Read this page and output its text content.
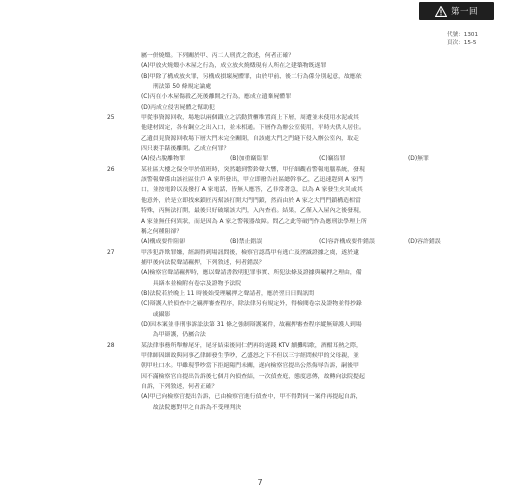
第一回
代號：1301
頁次：15-5

屬一併燒燬。下列關於甲、丙二人刑責之敘述，何者正確？

(A)甲放火燒燬小木屋之行為，成立放火燒燬現有人所在之建築物既遂罪

(B)甲除了構成放火罪，另構成損壞屍體罪，由於甲前、後二行為係分別起意，故應依

　　刑法第 50 條規定論處

(C)丙在小木屋傷殺乙死後離開之行為，應成立遺棄屍體罪

(D)丙成立侵害屍體之幫助犯

25	甲從事資源回收，場地以兩個鐵立之活動貨櫃堆置商上下層，周遭並未使用水泥或其

他建材固定，各有鋼立之出入口，並未相通。下層作為辦公室使用，平時夫供人居住。

乙遺員見資源回收場下層大門未完全關閉，自該處大門之門縫下侵入辦公室內，取走

四只裹手錶後離開。乙成立何罪？

(A)侵占脫離物罪	(B)加重竊盜罪	(C)竊盜罪	(D)無罪
26	某社區大樓之保全甲於值班時，突然聽到警鈴聲大響，甲仔細觀看警報電腦系統，發現

該警報聲係由該社區住戶 A 家所發出，甲立即撥告社區總幹事乙，乙迅速趕到 A 家門

口，並按電鈴以及撥打 A 家電話，皆無人應答，乙非常著急，以為 A 家發生火災或其

他意外，於是立即找來鎖匠丙幫該打開大門門鎖，然而由於 A 家之大門門鎖構造相當

特殊，丙無法打開，最後只好破壞該大門，入內查看。結果，乙僅入入屋內之後發現，

A 家並無任何異狀，而是因為 A 家之警報器故障。問乙之此等破門作為應刑法學理上所

稱之何種阻卻？

(A)構成要件阻卻	(B)禁止錯誤	(C)容許構成要件錯誤	(D)容許錯誤
27	甲涉犯詐欺罪嫌，經調得到場訊問後，檢察官認爲甲有逃亡及湮滅證據之虞，遂於逮

捕甲後向法院聲請羈押，下列敘述，何者錯誤？

(A)檢察官聲請羈押時，應以聲請書敘明犯罪事實、所犯法條及證據與羈押之理由，備

　　具繕本並檢附有卷宗及證物予法院

(B)法院若於晚上 11 時後始受理羈押之聲請者，應於翌日日間訊問

(C)辯護人於偵查中之羈押審查程序，除法律另有規定外，得檢閱卷宗及證物並得抄錄

　　或攝影

(D)因本案並非刑事訴訟法第 31 條之強制辯護案件，故羈押審查程序縱無辯護人到場

　　為甲辯護，仍屬合法

28	某法律事務所舉辦尾牙，尾牙結束後同仁們再約遂錢 KTV 續攤唱歌，酒酣耳熱之際，

甲律師因細故與同事乙律師發生爭吵，乙盛怒之下不但以三字經問候甲的父母親，並

朝甲吐口水。甲雖現爭吵當下拒絕陽門未關，遂向檢察官提出公然侮辱告訴，嗣後甲

因不滿檢察官自提出告訴後七個月內偵查結，一次偵查庭，態度惡傳，故轉向法院提起

自訴，下列敘述，何者正確？

(A)甲已向檢察官提出告訴，已由檢察官進行偵查中，甲不得對同一案件再提起自訴，

　　故法院應對甲之自訴為不受理判決

7
